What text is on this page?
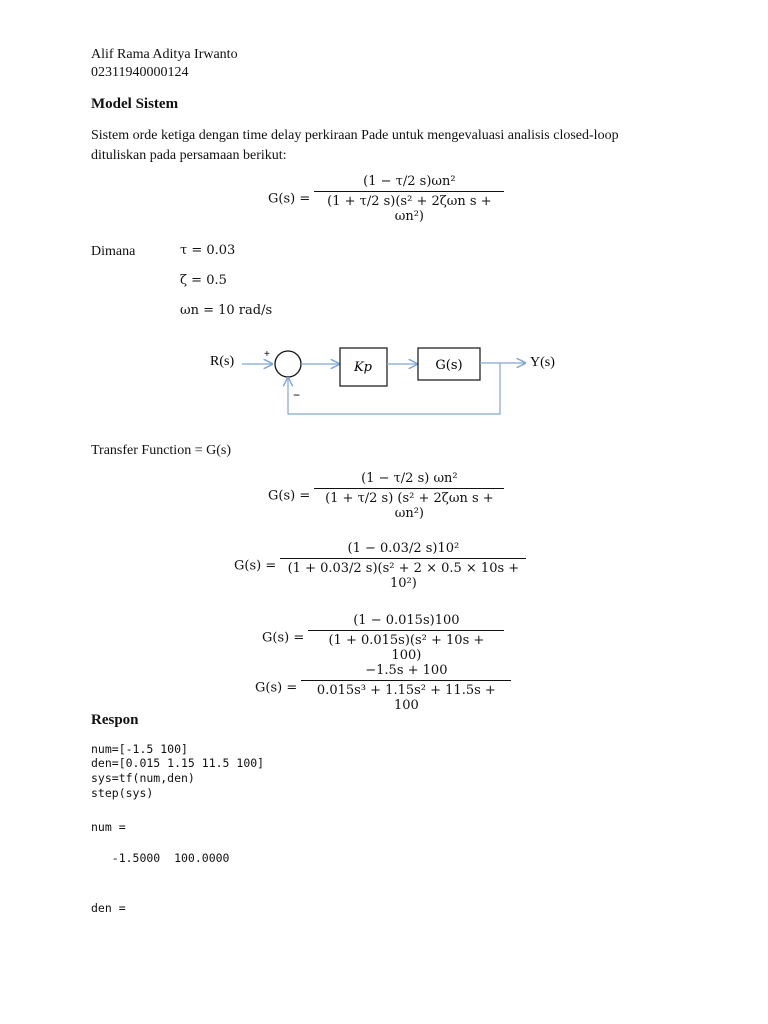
Alif Rama Aditya Irwanto
02311940000124
Model Sistem
Sistem orde ketiga dengan time delay perkiraan Pade untuk mengevaluasi analisis closed-loop
dituliskan pada persamaan berikut:
$G(s) = \frac{\text{(1 − τ/2 s)ωn²}}{\text{(1 + τ/2 s)(s² + 2ζωn s + ωn²)}}$
Dimana	τ = 0.03
ζ = 0.5
ωn = 10 rad/s
R(s)	+
−
Kp	G(s)	Y(s)
Transfer Function = G(s)
$G(s) = \frac{\text{(1 − τ/2 s) ωn²}}{\text{(1 + τ/2 s) (s² + 2ζωn s + ωn²)}}$
$G(s) = \frac{\text{(1 − 0.03/2 s)10²}}{\text{(1 + 0.03/2 s)(s² + 2 × 0.5 × 10s + 10²)}}$
$G(s) = \frac{(1 - 0.015s)100}{\text{(1 + 0.015s)(s² + 10s + 100)}}$
$G(s) = \frac{-1.5s + 100}{\text{0.015s³ + 1.15s² + 11.5s + 100}}$
Respon
num=[-1.5 100]
den=[0.015 1.15 11.5 100]
sys=tf(num,den)
step(sys)
num =
-1.5000  100.0000
den =
